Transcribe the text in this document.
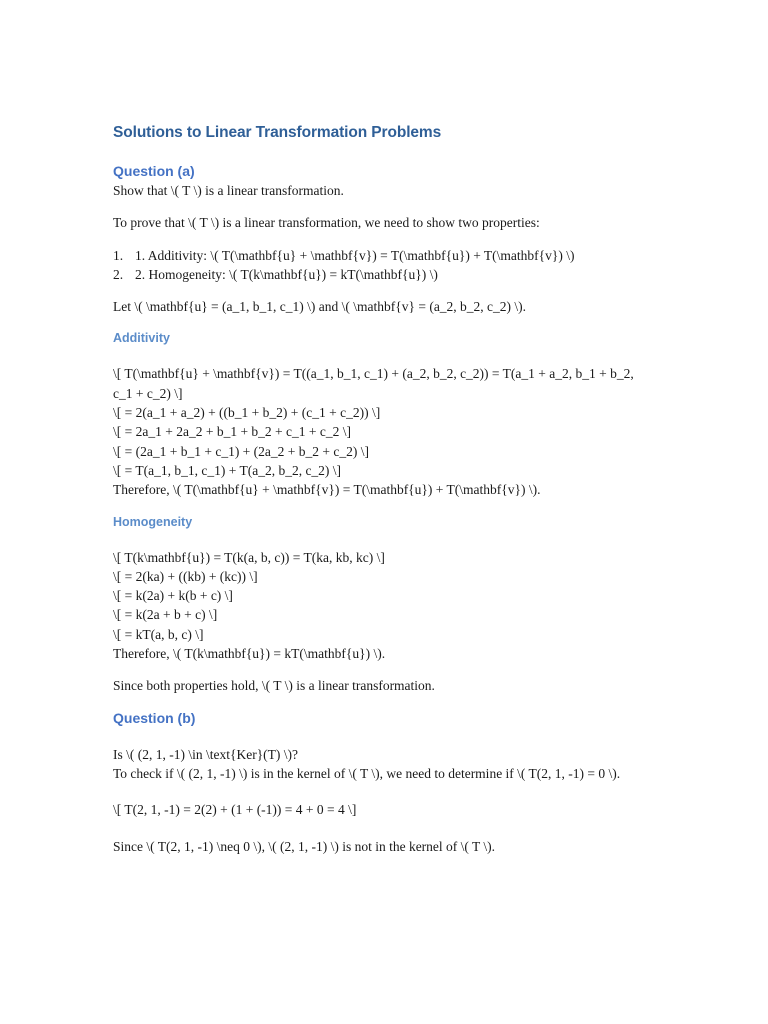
Solutions to Linear Transformation Problems
Question (a)

Show that \( T \) is a linear transformation.

To prove that \( T \) is a linear transformation, we need to show two properties:

1. 1. Additivity: \( T(\mathbf{u} + \mathbf{v}) = T(\mathbf{u}) + T(\mathbf{v}) \)
2. 2. Homogeneity: \( T(k\mathbf{u}) = kT(\mathbf{u}) \)

Let \( \mathbf{u} = (a_1, b_1, c_1) \) and \( \mathbf{v} = (a_2, b_2, c_2) \).

Additivity

\[ T(\mathbf{u} + \mathbf{v}) = T((a_1, b_1, c_1) + (a_2, b_2, c_2)) = T(a_1 + a_2, b_1 + b_2, c_1 + c_2) \]

\[ = 2(a_1 + a_2) + ((b_1 + b_2) + (c_1 + c_2)) \]

\[ = 2a_1 + 2a_2 + b_1 + b_2 + c_1 + c_2 \]

\[ = (2a_1 + b_1 + c_1) + (2a_2 + b_2 + c_2) \]

\[ = T(a_1, b_1, c_1) + T(a_2, b_2, c_2) \]

Therefore, \( T(\mathbf{u} + \mathbf{v}) = T(\mathbf{u}) + T(\mathbf{v}) \).

Homogeneity

\[ T(k\mathbf{u}) = T(k(a, b, c)) = T(ka, kb, kc) \]

\[ = 2(ka) + ((kb) + (kc)) \]

\[ = k(2a) + k(b + c) \]

\[ = k(2a + b + c) \]

\[ = kT(a, b, c) \]

Therefore, \( T(k\mathbf{u}) = kT(\mathbf{u}) \).

Since both properties hold, \( T \) is a linear transformation.

Question (b)

Is \( (2, 1, -1) \in \text{Ker}(T) \)?

To check if \( (2, 1, -1) \) is in the kernel of \( T \), we need to determine if \( T(2, 1, -1) = 0 \).

\[ T(2, 1, -1) = 2(2) + (1 + (-1)) = 4 + 0 = 4 \]

Since \( T(2, 1, -1) \neq 0 \), \( (2, 1, -1) \) is not in the kernel of \( T \).
